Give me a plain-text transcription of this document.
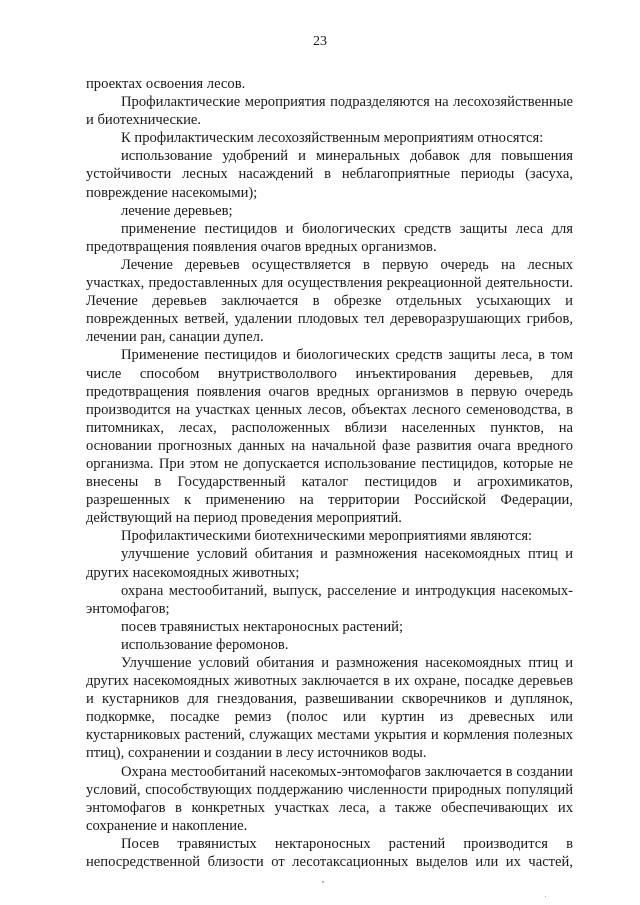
23

проектах освоения лесов.

Профилактические мероприятия подразделяются на лесохозяйственные и биотехнические.

К профилактическим лесохозяйственным мероприятиям относятся:

использование удобрений и минеральных добавок для повышения устойчивости лесных насаждений в неблагоприятные периоды (засуха, повреждение насекомыми);

лечение деревьев;

применение пестицидов и биологических средств защиты леса для предотвращения появления очагов вредных организмов.

Лечение деревьев осуществляется в первую очередь на лесных участках, предоставленных для осуществления рекреационной деятельности. Лечение деревьев заключается в обрезке отдельных усыхающих и поврежденных ветвей, удалении плодовых тел дереворазрушающих грибов, лечении ран, санации дупел.

Применение пестицидов и биологических средств защиты леса, в том числе способом внутриствололвого инъектирования деревьев, для предотвращения появления очагов вредных организмов в первую очередь производится на участках ценных лесов, объектах лесного семеноводства, в питомниках, лесах, расположенных вблизи населенных пунктов, на основании прогнозных данных на начальной фазе развития очага вредного организма. При этом не допускается использование пестицидов, которые не внесены в Государственный каталог пестицидов и агрохимикатов, разрешенных к применению на территории Российской Федерации, действующий на период проведения мероприятий.

Профилактическими биотехническими мероприятиями являются:

улучшение условий обитания и размножения насекомоядных птиц и других насекомоядных животных;

охрана местообитаний, выпуск, расселение и интродукция насекомых-энтомофагов;

посев травянистых нектароносных растений;

использование феромонов.

Улучшение условий обитания и размножения насекомоядных птиц и других насекомоядных животных заключается в их охране, посадке деревьев и кустарников для гнездования, развешивании скворечников и дуплянок, подкормке, посадке ремиз (полос или куртин из древесных или кустарниковых растений, служащих местами укрытия и кормления полезных птиц), сохранении и создании в лесу источников воды.

Охрана местообитаний насекомых-энтомофагов заключается в создании условий, способствующих поддержанию численности природных популяций энтомофагов в конкретных участках леса, а также обеспечивающих их сохранение и накопление.

Посев травянистых нектароносных растений производится в непосредственной близости от лесотаксационных выделов или их частей,
